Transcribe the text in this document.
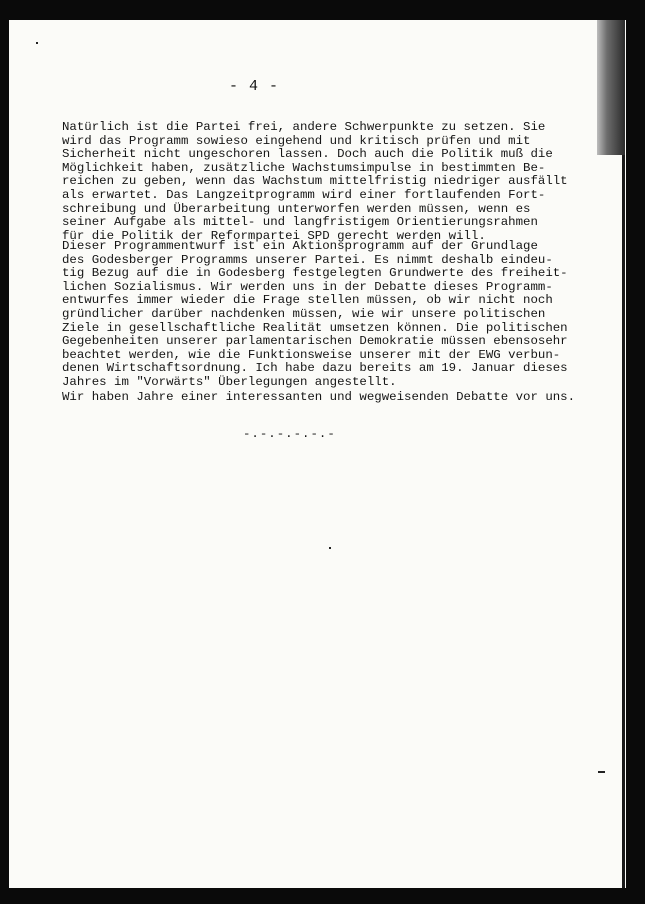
- 4 -

Natürlich ist die Partei frei, andere Schwerpunkte zu setzen. Sie
wird das Programm sowieso eingehend und kritisch prüfen und mit
Sicherheit nicht ungeschoren lassen. Doch auch die Politik muß die
Möglichkeit haben, zusätzliche Wachstumsimpulse in bestimmten Be-
reichen zu geben, wenn das Wachstum mittelfristig niedriger ausfällt
als erwartet. Das Langzeitprogramm wird einer fortlaufenden Fort-
schreibung und Überarbeitung unterworfen werden müssen, wenn es
seiner Aufgabe als mittel- und langfristigem Orientierungsrahmen
für die Politik der Reformpartei SPD gerecht werden will.

Dieser Programmentwurf ist ein Aktionsprogramm auf der Grundlage
des Godesberger Programms unserer Partei. Es nimmt deshalb eindeu-
tig Bezug auf die in Godesberg festgelegten Grundwerte des freiheit-
lichen Sozialismus. Wir werden uns in der Debatte dieses Programm-
entwurfes immer wieder die Frage stellen müssen, ob wir nicht noch
gründlicher darüber nachdenken müssen, wie wir unsere politischen
Ziele in gesellschaftliche Realität umsetzen können. Die politischen
Gegebenheiten unserer parlamentarischen Demokratie müssen ebensosehr
beachtet werden, wie die Funktionsweise unserer mit der EWG verbun-
denen Wirtschaftsordnung. Ich habe dazu bereits am 19. Januar dieses
Jahres im "Vorwärts" Überlegungen angestellt.

Wir haben Jahre einer interessanten und wegweisenden Debatte vor uns.

-.-.-.-.-.-
